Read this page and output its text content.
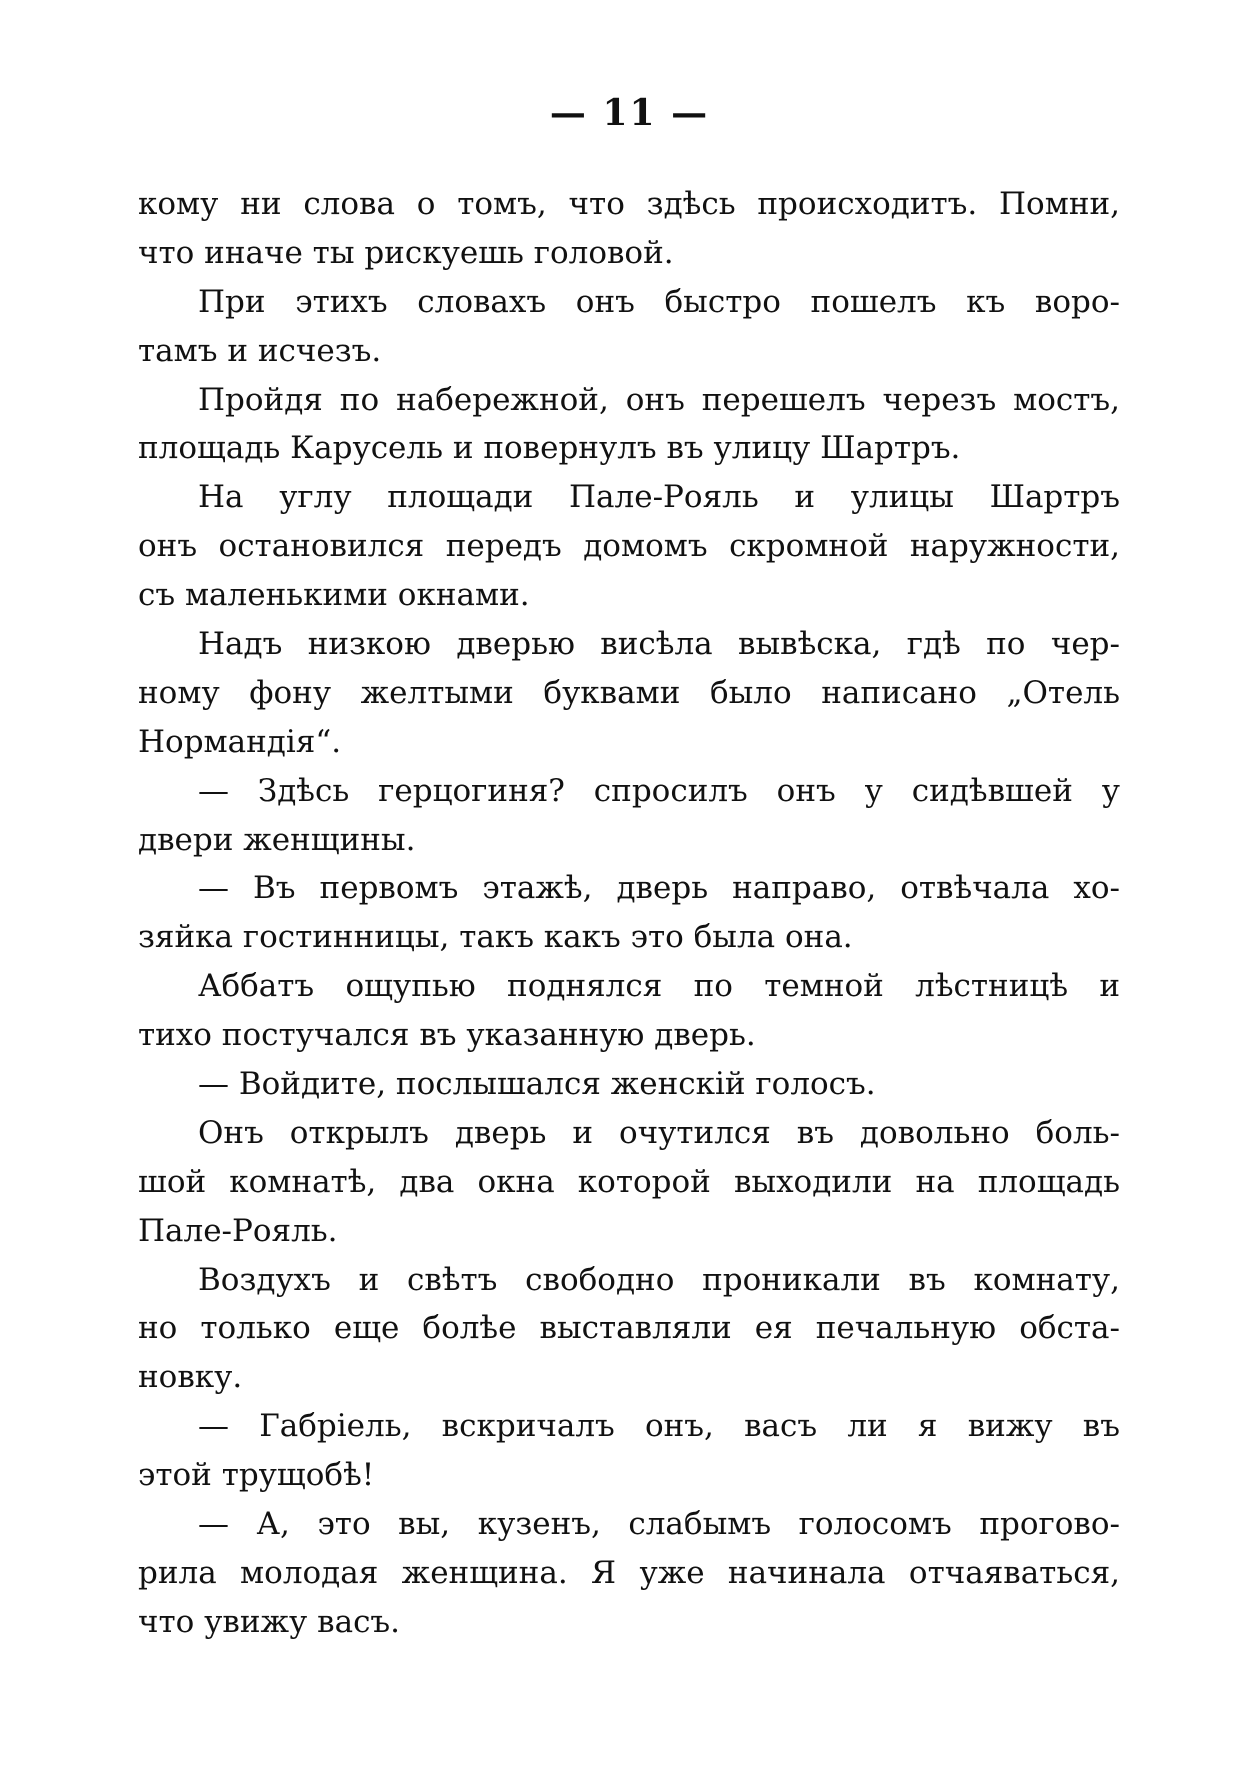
— 11 —
кому ни слова о томъ, что здѣсь происходитъ. Помни,
что иначе ты рискуешь головой.
При этихъ словахъ онъ быстро пошелъ къ воро-
тамъ и исчезъ.
Пройдя по набережной, онъ перешелъ черезъ мостъ,
площадь Карусель и повернулъ въ улицу Шартръ.
На углу площади Пале-Рояль и улицы Шартръ
онъ остановился передъ домомъ скромной наружности,
съ маленькими окнами.
Надъ низкою дверью висѣла вывѣска, гдѣ по чер-
ному фону желтыми буквами было написано „Отель
Нормандія“.
— Здѣсь герцогиня? спросилъ онъ у сидѣвшей у
двери женщины.
— Въ первомъ этажѣ, дверь направо, отвѣчала хо-
зяйка гостинницы, такъ какъ это была она.
Аббатъ ощупью поднялся по темной лѣстницѣ и
тихо постучался въ указанную дверь.
— Войдите, послышался женскій голосъ.
Онъ открылъ дверь и очутился въ довольно боль-
шой комнатѣ, два окна которой выходили на площадь
Пале-Рояль.
Воздухъ и свѣтъ свободно проникали въ комнату,
но только еще болѣе выставляли ея печальную обста-
новку.
— Габріель, вскричалъ онъ, васъ ли я вижу въ
этой трущобѣ!
— А, это вы, кузенъ, слабымъ голосомъ прогово-
рила молодая женщина. Я уже начинала отчаяваться,
что увижу васъ.
